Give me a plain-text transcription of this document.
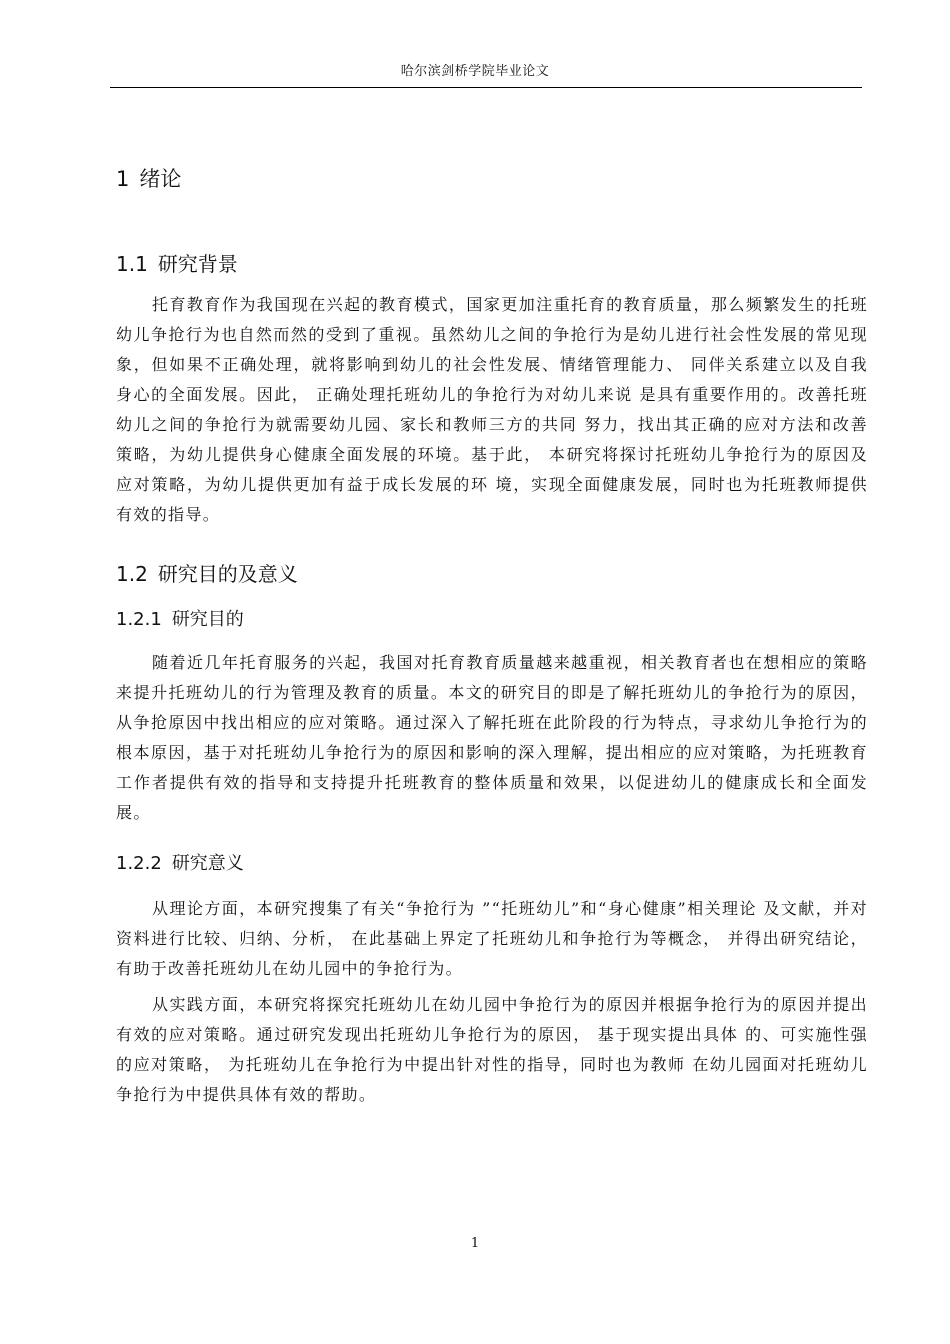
哈尔滨剑桥学院毕业论文
1 绪论
1.1 研究背景

托育教育作为我国现在兴起的教育模式，国家更加注重托育的教育质量，那么频繁发生的托班幼儿争抢行为也自然而然的受到了重视。虽然幼儿之间的争抢行为是幼儿进行社会性发展的常见现象，但如果不正确处理，就将影响到幼儿的社会性发展、情绪管理能力、 同伴关系建立以及自我身心的全面发展。因此， 正确处理托班幼儿的争抢行为对幼儿来说 是具有重要作用的。改善托班幼儿之间的争抢行为就需要幼儿园、家长和教师三方的共同 努力，找出其正确的应对方法和改善策略，为幼儿提供身心健康全面发展的环境。基于此， 本研究将探讨托班幼儿争抢行为的原因及应对策略，为幼儿提供更加有益于成长发展的环 境，实现全面健康发展，同时也为托班教师提供有效的指导。

1.2 研究目的及意义
1.2.1 研究目的

随着近几年托育服务的兴起，我国对托育教育质量越来越重视，相关教育者也在想相应的策略来提升托班幼儿的行为管理及教育的质量。本文的研究目的即是了解托班幼儿的争抢行为的原因，从争抢原因中找出相应的应对策略。通过深入了解托班在此阶段的行为特点，寻求幼儿争抢行为的根本原因，基于对托班幼儿争抢行为的原因和影响的深入理解，提出相应的应对策略，为托班教育工作者提供有效的指导和支持提升托班教育的整体质量和效果，以促进幼儿的健康成长和全面发展。

1.2.2 研究意义

从理论方面，本研究搜集了有关“争抢行为 ”“托班幼儿”和“身心健康”相关理论 及文献，并对资料进行比较、归纳、分析， 在此基础上界定了托班幼儿和争抢行为等概念， 并得出研究结论，有助于改善托班幼儿在幼儿园中的争抢行为。

从实践方面，本研究将探究托班幼儿在幼儿园中争抢行为的原因并根据争抢行为的原因并提出有效的应对策略。通过研究发现出托班幼儿争抢行为的原因， 基于现实提出具体 的、可实施性强的应对策略， 为托班幼儿在争抢行为中提出针对性的指导，同时也为教师 在幼儿园面对托班幼儿争抢行为中提供具体有效的帮助。

1
